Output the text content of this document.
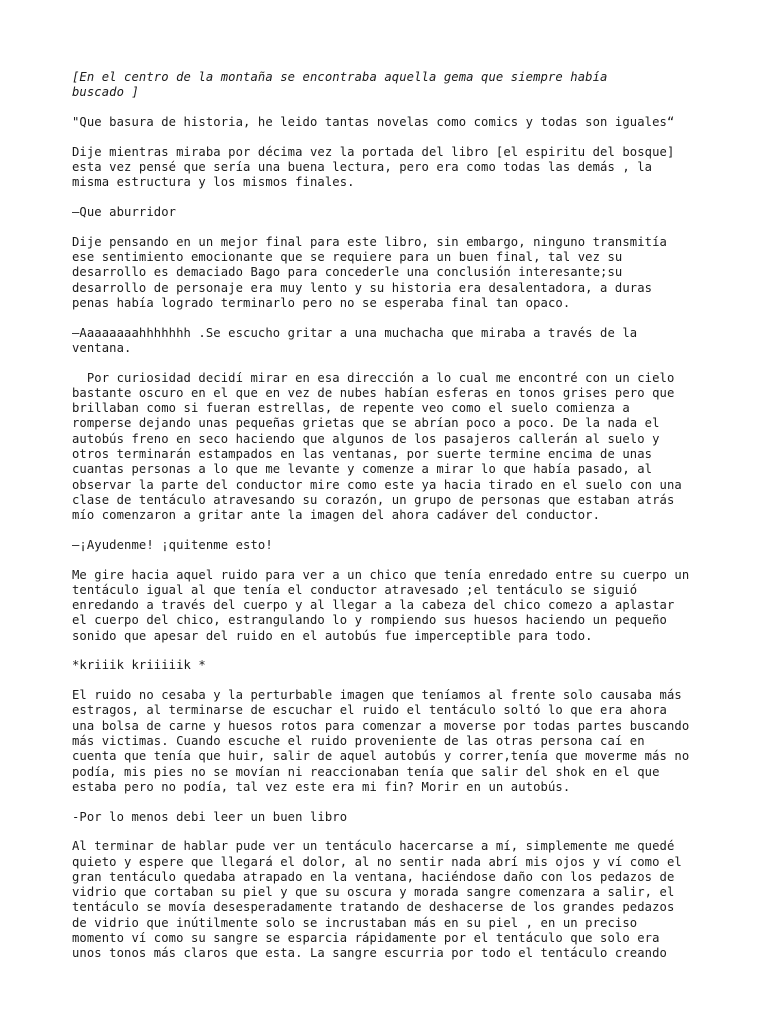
[En el centro de la montaña se encontraba aquella gema que siempre había
buscado ]

"Que basura de historia, he leido tantas novelas como comics y todas son iguales“

Dije mientras miraba por décima vez la portada del libro [el espiritu del bosque]
esta vez pensé que sería una buena lectura, pero era como todas las demás , la
misma estructura y los mismos finales.

–Que aburridor

Dije pensando en un mejor final para este libro, sin embargo, ninguno transmitía
ese sentimiento emocionante que se requiere para un buen final, tal vez su
desarrollo es demaciado Bago para concederle una conclusión interesante;su
desarrollo de personaje era muy lento y su historia era desalentadora, a duras
penas había logrado terminarlo pero no se esperaba final tan opaco.

–Aaaaaaaahhhhhhh .Se escucho gritar a una muchacha que miraba a través de la
ventana.

Por curiosidad decidí mirar en esa dirección a lo cual me encontré con un cielo
bastante oscuro en el que en vez de nubes habían esferas en tonos grises pero que
brillaban como si fueran estrellas, de repente veo como el suelo comienza a
romperse dejando unas pequeñas grietas que se abrían poco a poco. De la nada el
autobús freno en seco haciendo que algunos de los pasajeros callerán al suelo y
otros terminarán estampados en las ventanas, por suerte termine encima de unas
cuantas personas a lo que me levante y comenze a mirar lo que había pasado, al
observar la parte del conductor mire como este ya hacia tirado en el suelo con una
clase de tentáculo atravesando su corazón, un grupo de personas que estaban atrás
mío comenzaron a gritar ante la imagen del ahora cadáver del conductor.

–¡Ayudenme! ¡quitenme esto!

Me gire hacia aquel ruido para ver a un chico que tenía enredado entre su cuerpo un
tentáculo igual al que tenía el conductor atravesado ;el tentáculo se siguió
enredando a través del cuerpo y al llegar a la cabeza del chico comezo a aplastar
el cuerpo del chico, estrangulando lo y rompiendo sus huesos haciendo un pequeño
sonido que apesar del ruido en el autobús fue imperceptible para todo.

*kriiik kriiiiik *

El ruido no cesaba y la perturbable imagen que teníamos al frente solo causaba más
estragos, al terminarse de escuchar el ruido el tentáculo soltó lo que era ahora
una bolsa de carne y huesos rotos para comenzar a moverse por todas partes buscando
más victimas. Cuando escuche el ruido proveniente de las otras persona caí en
cuenta que tenía que huir, salir de aquel autobús y correr,tenía que moverme más no
podía, mis pies no se movían ni reaccionaban tenía que salir del shok en el que
estaba pero no podía, tal vez este era mi fin? Morir en un autobús.

-Por lo menos debi leer un buen libro

Al terminar de hablar pude ver un tentáculo hacercarse a mí, simplemente me quedé
quieto y espere que llegará el dolor, al no sentir nada abrí mis ojos y ví como el
gran tentáculo quedaba atrapado en la ventana, haciéndose daño con los pedazos de
vidrio que cortaban su piel y que su oscura y morada sangre comenzara a salir, el
tentáculo se movía desesperadamente tratando de deshacerse de los grandes pedazos
de vidrio que inútilmente solo se incrustaban más en su piel , en un preciso
momento ví como su sangre se esparcia rápidamente por el tentáculo que solo era
unos tonos más claros que esta. La sangre escurria por todo el tentáculo creando
